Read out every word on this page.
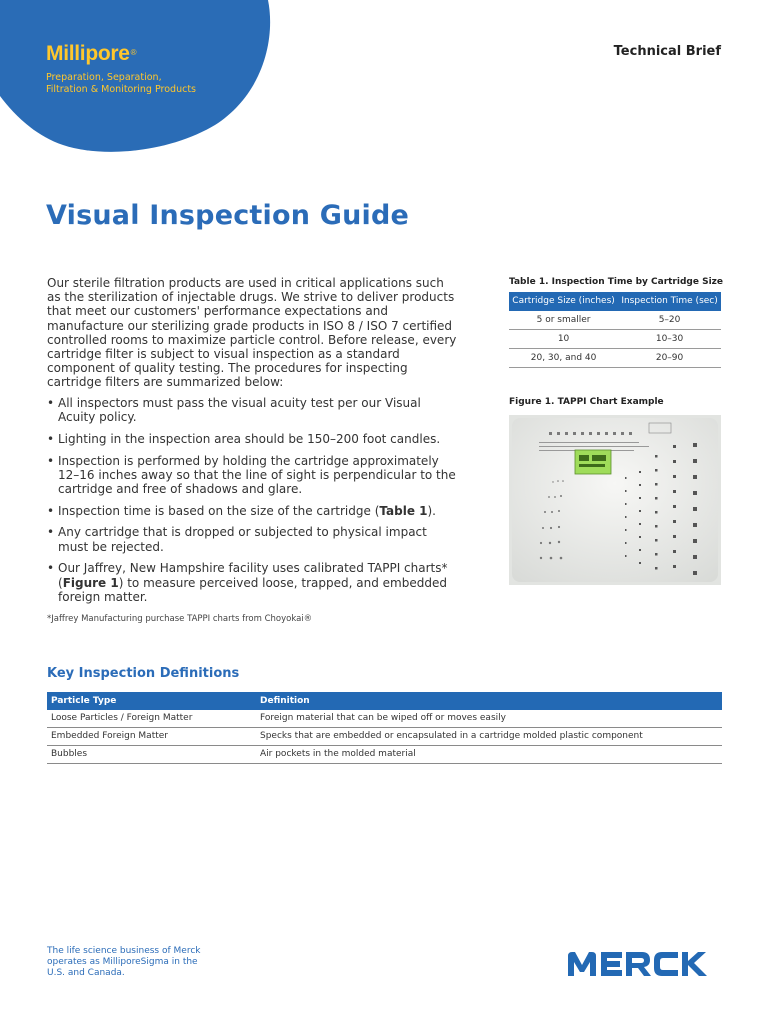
Millipore®
Preparation, Separation, Filtration & Monitoring Products
Technical Brief
Visual Inspection Guide

Our sterile filtration products are used in critical applications such as the sterilization of injectable drugs. We strive to deliver products that meet our customers' performance expectations and manufacture our sterilizing grade products in ISO 8 / ISO 7 certified controlled rooms to maximize particle control. Before release, every cartridge filter is subject to visual inspection as a standard component of quality testing. The procedures for inspecting cartridge filters are summarized below:

• All inspectors must pass the visual acuity test per our Visual Acuity policy.
• Lighting in the inspection area should be 150–200 foot candles.
• Inspection is performed by holding the cartridge approximately 12–16 inches away so that the line of sight is perpendicular to the cartridge and free of shadows and glare.
• Inspection time is based on the size of the cartridge (Table 1).
• Any cartridge that is dropped or subjected to physical impact must be rejected.
• Our Jaffrey, New Hampshire facility uses calibrated TAPPI charts* (Figure 1) to measure perceived loose, trapped, and embedded foreign matter.
*Jaffrey Manufacturing purchase TAPPI charts from Choyokai®
Table 1. Inspection Time by Cartridge Size
Cartridge Size (inches)	Inspection Time (sec)
5 or smaller	5–20
10	10–30
20, 30, and 40	20–90
Figure 1. TAPPI Chart Example
Key Inspection Definitions
Particle Type	Definition
Loose Particles / Foreign Matter	Foreign material that can be wiped off or moves easily
Embedded Foreign Matter	Specks that are embedded or encapsulated in a cartridge molded plastic component
Bubbles	Air pockets in the molded material
The life science business of Merck operates as MilliporeSigma in the U.S. and Canada.
